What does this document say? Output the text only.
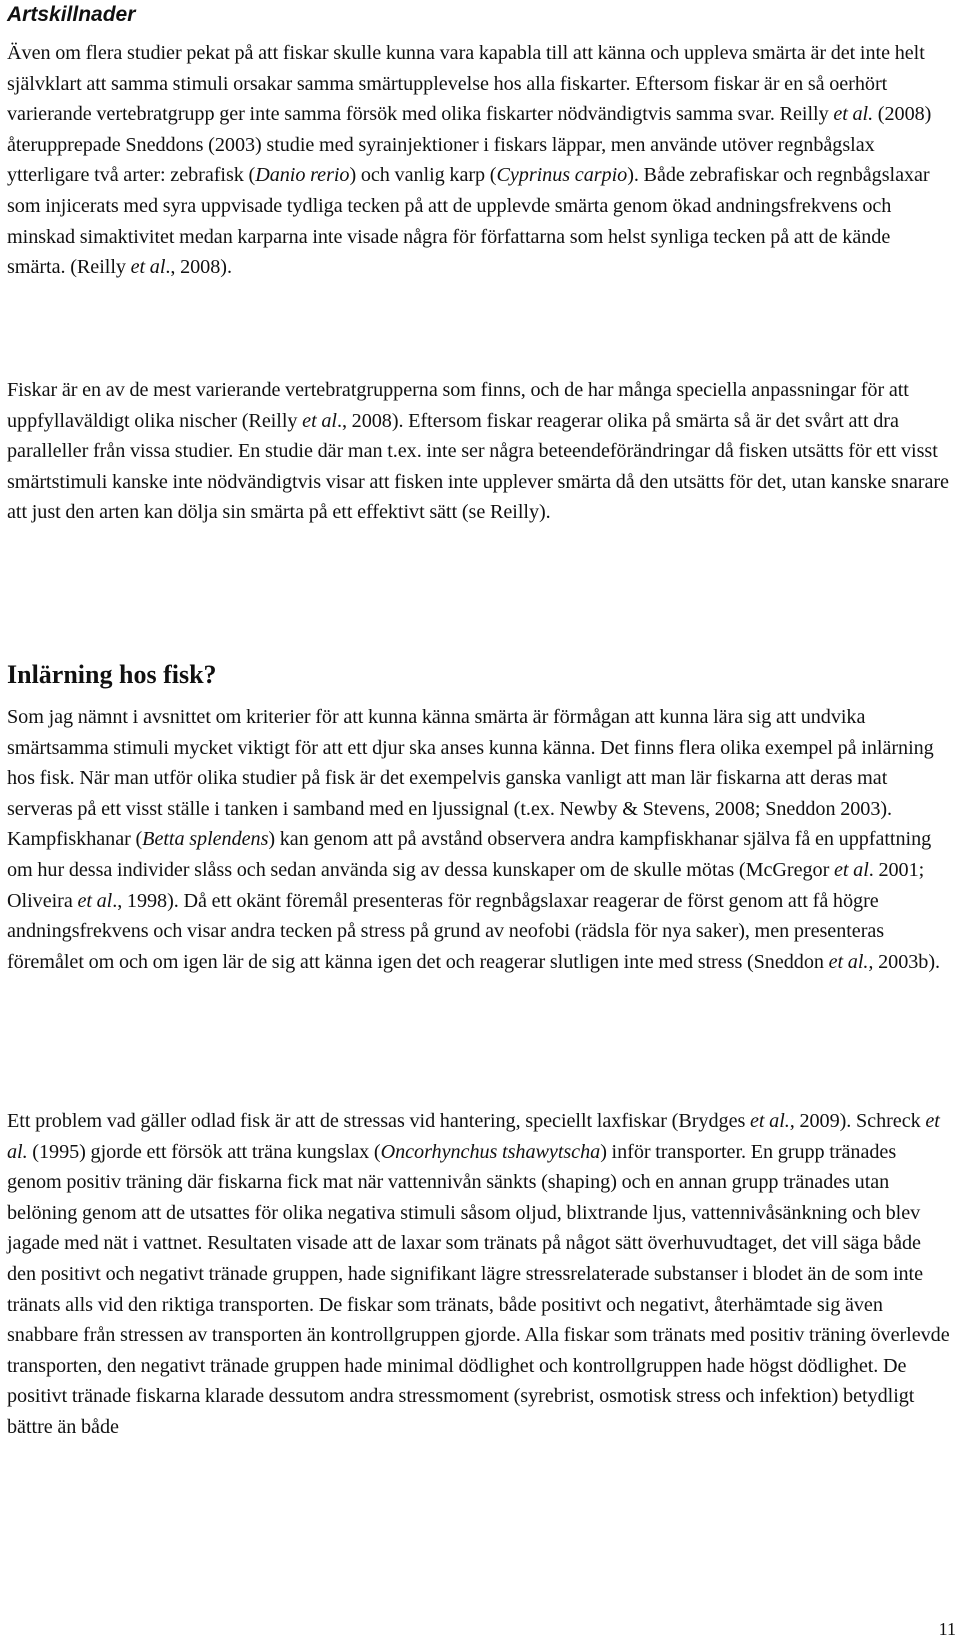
Artskillnader

Även om flera studier pekat på att fiskar skulle kunna vara kapabla till att känna och uppleva smärta är det inte helt självklart att samma stimuli orsakar samma smärtupplevelse hos alla fiskarter. Eftersom fiskar är en så oerhört varierande vertebratgrupp ger inte samma försök med olika fiskarter nödvändigtvis samma svar. Reilly et al. (2008) återupprepade Sneddons (2003) studie med syrainjektioner i fiskars läppar, men använde utöver regnbågslax ytterligare två arter: zebrafisk (Danio rerio) och vanlig karp (Cyprinus carpio). Både zebrafiskar och regnbågslaxar som injicerats med syra uppvisade tydliga tecken på att de upplevde smärta genom ökad andningsfrekvens och minskad simaktivitet medan karparna inte visade några för författarna som helst synliga tecken på att de kände smärta. (Reilly et al., 2008).

Fiskar är en av de mest varierande vertebratgrupperna som finns, och de har många speciella anpassningar för att uppfyllaväldigt olika nischer (Reilly et al., 2008). Eftersom fiskar reagerar olika på smärta så är det svårt att dra paralleller från vissa studier. En studie där man t.ex. inte ser några beteendeförändringar då fisken utsätts för ett visst smärtstimuli kanske inte nödvändigtvis visar att fisken inte upplever smärta då den utsätts för det, utan kanske snarare att just den arten kan dölja sin smärta på ett effektivt sätt (se Reilly).

Inlärning hos fisk?

Som jag nämnt i avsnittet om kriterier för att kunna känna smärta är förmågan att kunna lära sig att undvika smärtsamma stimuli mycket viktigt för att ett djur ska anses kunna känna. Det finns flera olika exempel på inlärning hos fisk. När man utför olika studier på fisk är det exempelvis ganska vanligt att man lär fiskarna att deras mat serveras på ett visst ställe i tanken i samband med en ljussignal (t.ex. Newby & Stevens, 2008; Sneddon 2003). Kampfiskhanar (Betta splendens) kan genom att på avstånd observera andra kampfiskhanar själva få en uppfattning om hur dessa individer slåss och sedan använda sig av dessa kunskaper om de skulle mötas (McGregor et al. 2001; Oliveira et al., 1998). Då ett okänt föremål presenteras för regnbågslaxar reagerar de först genom att få högre andningsfrekvens och visar andra tecken på stress på grund av neofobi (rädsla för nya saker), men presenteras föremålet om och om igen lär de sig att känna igen det och reagerar slutligen inte med stress (Sneddon et al., 2003b).

Ett problem vad gäller odlad fisk är att de stressas vid hantering, speciellt laxfiskar (Brydges et al., 2009). Schreck et al. (1995) gjorde ett försök att träna kungslax (Oncorhynchus tshawytscha) inför transporter. En grupp tränades genom positiv träning där fiskarna fick mat när vattennivån sänkts (shaping) och en annan grupp tränades utan belöning genom att de utsattes för olika negativa stimuli såsom oljud, blixtrande ljus, vattennivåsänkning och blev jagade med nät i vattnet. Resultaten visade att de laxar som tränats på något sätt överhuvudtaget, det vill säga både den positivt och negativt tränade gruppen, hade signifikant lägre stressrelaterade substanser i blodet än de som inte tränats alls vid den riktiga transporten. De fiskar som tränats, både positivt och negativt, återhämtade sig även snabbare från stressen av transporten än kontrollgruppen gjorde. Alla fiskar som tränats med positiv träning överlevde transporten, den negativt tränade gruppen hade minimal dödlighet och kontrollgruppen hade högst dödlighet. De positivt tränade fiskarna klarade dessutom andra stressmoment (syrebrist, osmotisk stress och infektion) betydligt bättre än både

11
